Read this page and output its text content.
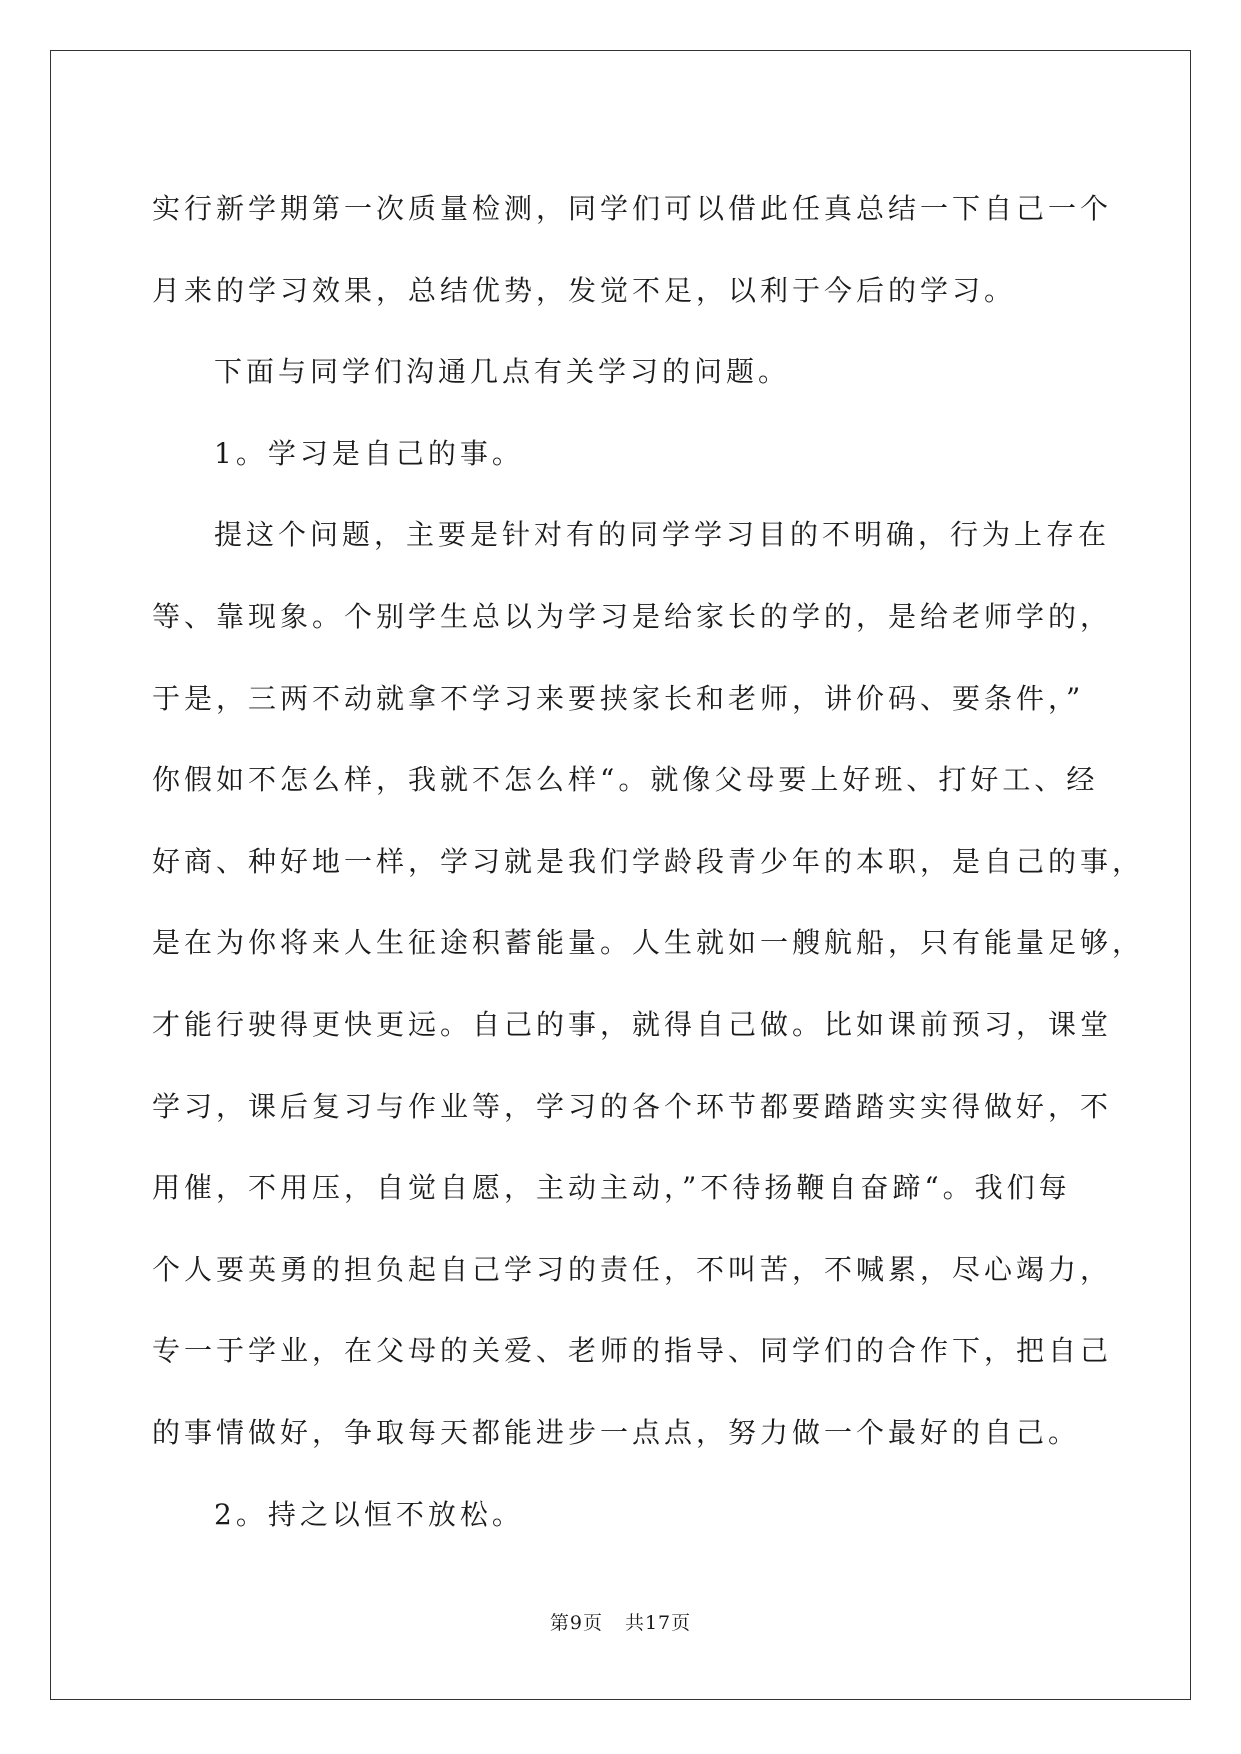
实行新学期第一次质量检测，同学们可以借此任真总结一下自己一个
月来的学习效果，总结优势，发觉不足，以利于今后的学习。
下面与同学们沟通几点有关学习的问题。
1。学习是自己的事。
提这个问题，主要是针对有的同学学习目的不明确，行为上存在
等、靠现象。个别学生总以为学习是给家长的学的，是给老师学的，
于是，三两不动就拿不学习来要挟家长和老师，讲价码、要条件，”
你假如不怎么样，我就不怎么样“。就像父母要上好班、打好工、经
好商、种好地一样，学习就是我们学龄段青少年的本职，是自己的事，
是在为你将来人生征途积蓄能量。人生就如一艘航船，只有能量足够，
才能行驶得更快更远。自己的事，就得自己做。比如课前预习，课堂
学习，课后复习与作业等，学习的各个环节都要踏踏实实得做好，不
用催，不用压，自觉自愿，主动主动，”不待扬鞭自奋蹄“。我们每
个人要英勇的担负起自己学习的责任，不叫苦，不喊累，尽心竭力，
专一于学业，在父母的关爱、老师的指导、同学们的合作下，把自己
的事情做好，争取每天都能进步一点点，努力做一个最好的自己。
2。持之以恒不放松。
第9页 共17页
